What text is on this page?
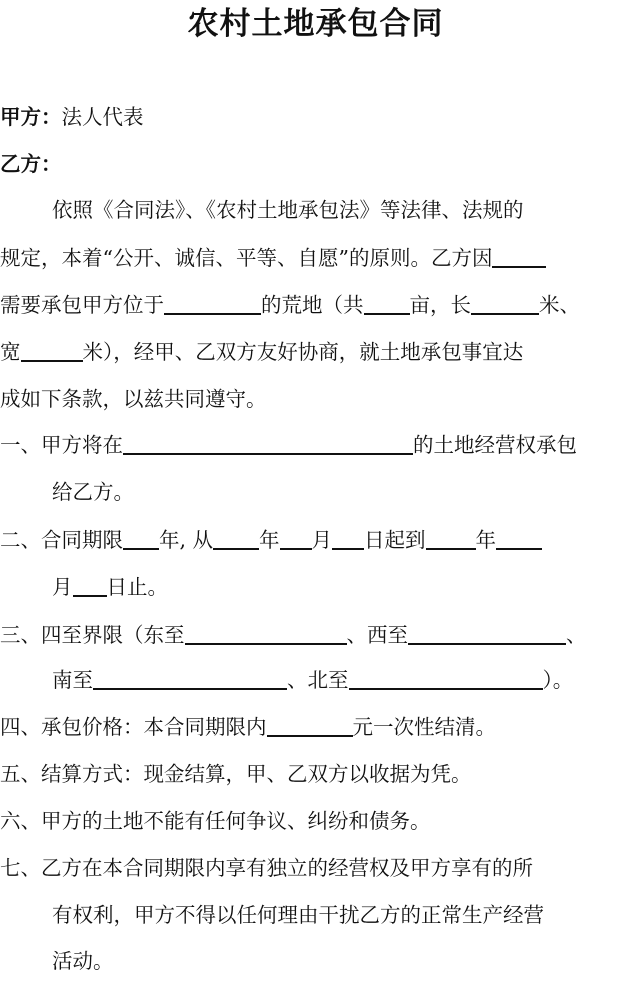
农村土地承包合同
甲方：法人代表
乙方：
依照《合同法》、《农村土地承包法》等法律、法规的
规定，本着“公开、诚信、平等、自愿”的原则。乙方因
需要承包甲方位于	的荒地（共 亩，长	米、
宽	米），经甲、乙双方友好协商，就土地承包事宜达
成如下条款，以兹共同遵守。
一、甲方将在	的土地经营权承包
给乙方。
二、合同期限 年, 从 年 月 日起到 年
月 日止。
三、四至界限（东至	、西至	、
南至	、北至	）。
四、承包价格：本合同期限内	元一次性结清。
五、结算方式：现金结算，甲、乙双方以收据为凭。
六、甲方的土地不能有任何争议、纠纷和债务。
七、乙方在本合同期限内享有独立的经营权及甲方享有的所
有权利，甲方不得以任何理由干扰乙方的正常生产经营
活动。
